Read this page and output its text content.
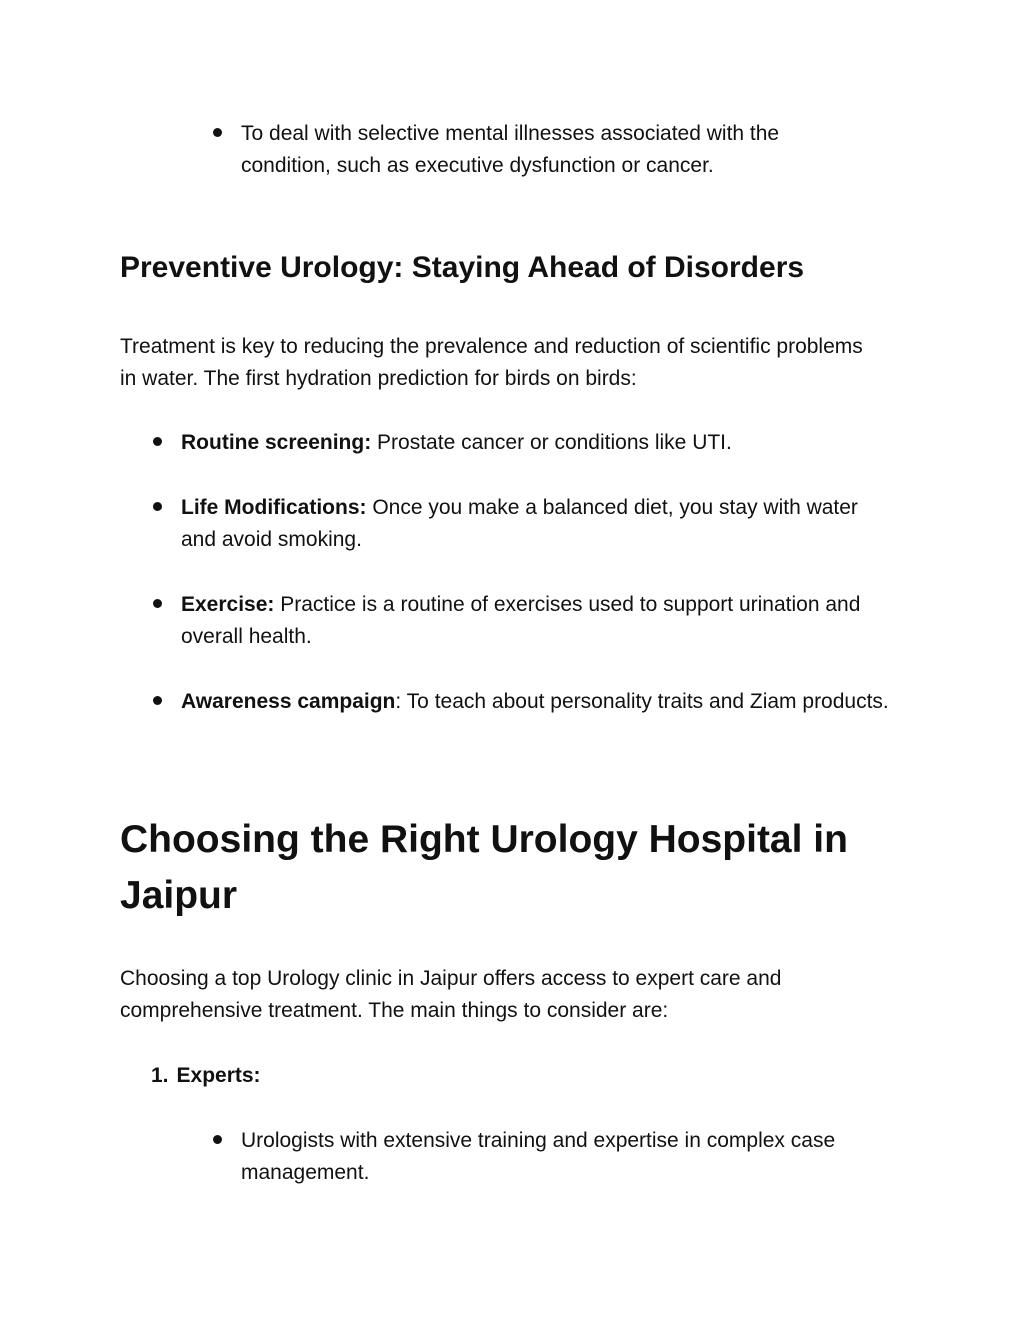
To deal with selective mental illnesses associated with the condition, such as executive dysfunction or cancer.
Preventive Urology: Staying Ahead of Disorders

Treatment is key to reducing the prevalence and reduction of scientific problems in water. The first hydration prediction for birds on birds:

Routine screening: Prostate cancer or conditions like UTI.
Life Modifications: Once you make a balanced diet, you stay with water and avoid smoking.
Exercise: Practice is a routine of exercises used to support urination and overall health.
Awareness campaign: To teach about personality traits and Ziam products.
Choosing the Right Urology Hospital in Jaipur

Choosing a top Urology clinic in Jaipur offers access to expert care and comprehensive treatment. The main things to consider are:

1. Experts:
Urologists with extensive training and expertise in complex case management.
